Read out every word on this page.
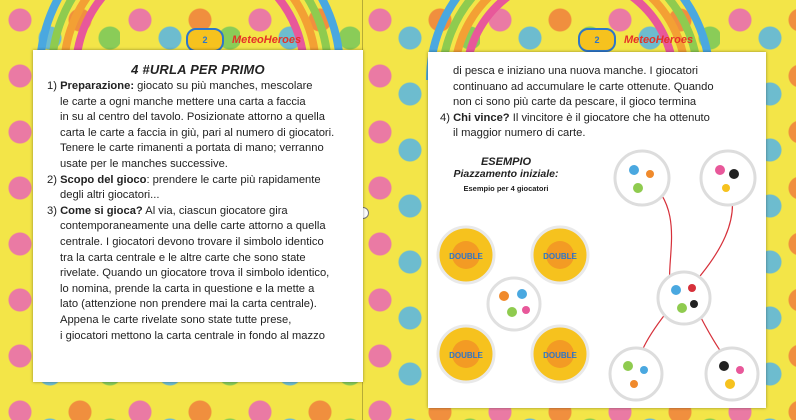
2	MeteoHeroes	2	MeteoHeroes
4 #URLA PER PRIMO
1) Preparazione: giocato su più manches, mescolare
le carte a ogni manche mettere una carta a faccia
in su al centro del tavolo. Posizionate attorno a quella
carta le carte a faccia in giù, pari al numero di giocatori.
Tenere le carte rimanenti a portata di mano; verranno
usate per le manches successive.
2) Scopo del gioco: prendere le carte più rapidamente
degli altri giocatori...
3) Come si gioca? Al via, ciascun giocatore gira
contemporaneamente una delle carte attorno a quella
centrale. I giocatori devono trovare il simbolo identico
tra la carta centrale e le altre carte che sono state
rivelate. Quando un giocatore trova il simbolo identico,
lo nomina, prende la carta in questione e la mette a
lato (attenzione non prendere mai la carta centrale).
Appena le carte rivelate sono state tutte prese,
i giocatori mettono la carta centrale in fondo al mazzo
di pesca e iniziano una nuova manche. I giocatori
continuano ad accumulare le carte ottenute. Quando
non ci sono più carte da pescare, il gioco termina
4) Chi vince? Il vincitore è il giocatore che ha ottenuto
il maggior numero di carte.
ESEMPIO
Piazzamento iniziale:
Esempio per 4 giocatori
DOUBLE	DOUBLE
DOUBLE	DOUBLE
